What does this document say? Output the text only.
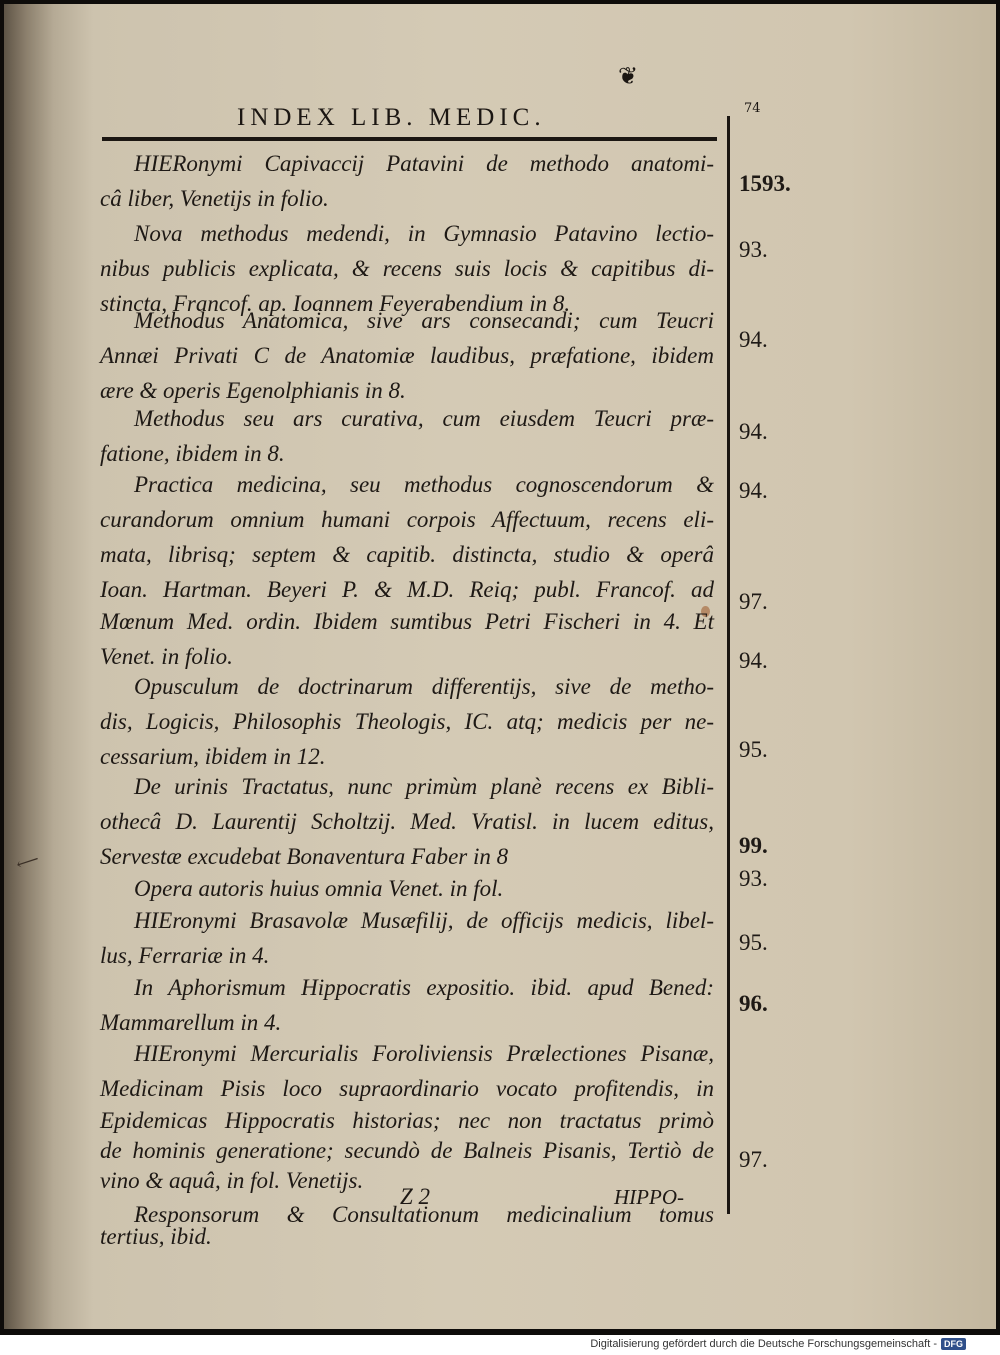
❦
74
INDEX LIB. MEDIC.
⟵
HIERonymi Capivaccij Patavini de methodo anatomi-
câ liber, Venetijs in folio.
Nova methodus medendi, in Gymnasio Patavino lectio-
nibus publicis explicata, & recens suis locis & capitibus di-
stincta, Francof. ap. Ioannem Feyerabendium in 8.
Methodus Anatomica, sive ars consecandi; cum Teucri
Annæi Privati C de Anatomiæ laudibus, præfatione, ibidem
ære & operis Egenolphianis in 8.
Methodus seu ars curativa, cum eiusdem Teucri præ-
fatione, ibidem in 8.
Practica medicina, seu methodus cognoscendorum &
curandorum omnium humani corpois Affectuum, recens eli-
mata, librisq; septem & capitib. distincta, studio & operâ
Ioan. Hartman. Beyeri P. & M.D. Reiq; publ. Francof. ad
Mœnum Med. ordin. Ibidem sumtibus Petri Fischeri in 4. Et
Venet. in folio.
Opusculum de doctrinarum differentijs, sive de metho-
dis, Logicis, Philosophis Theologis, IC. atq; medicis per ne-
cessarium, ibidem in 12.
De urinis Tractatus, nunc primùm planè recens ex Bibli-
othecâ D. Laurentij Scholtzij. Med. Vratisl. in lucem editus,
Servestæ excudebat Bonaventura Faber in 8
Opera autoris huius omnia Venet. in fol.
HIEronymi Brasavolæ Musæfilij, de officijs medicis, libel-
lus, Ferrariæ in 4.
In Aphorismum Hippocratis expositio. ibid. apud Bened:
Mammarellum in 4.
HIEronymi Mercurialis Foroliviensis Prælectiones Pisanæ,
Medicinam Pisis loco supraordinario vocato profitendis, in
Epidemicas Hippocratis historias; nec non tractatus primò
de hominis generatione; secundò de Balneis Pisanis, Tertiò de
vino & aquâ, in fol. Venetijs.
Responsorum & Consultationum medicinalium tomus
tertius, ibid.
1593.
93.
94.
94.
94.
97.
94.
95.
99.
93.
95.
96.
97.
Z 2	HIPPO-
Digitalisierung gefördert durch die Deutsche Forschungsgemeinschaft - DFG
